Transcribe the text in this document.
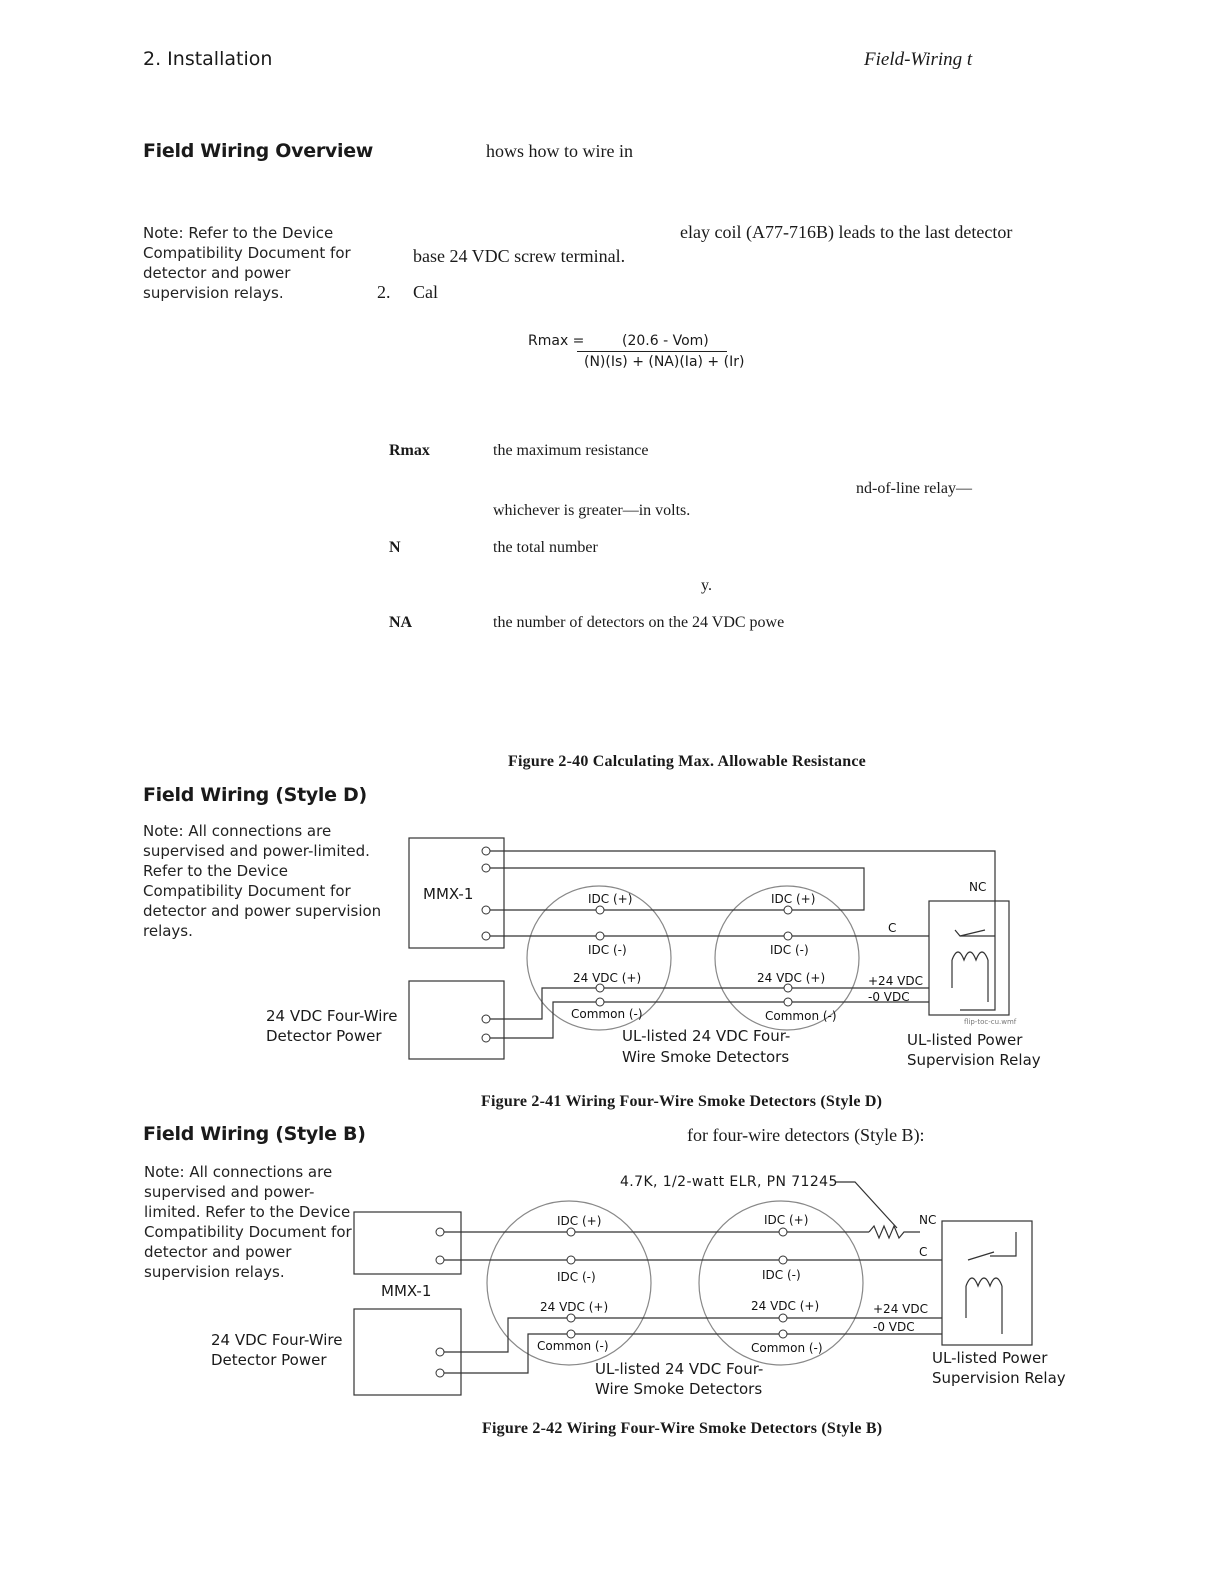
2. Installation	Field-Wiring t
Field Wiring Overview	hows how to wire in
Note: Refer to the Device Compatibility Document for detector and power supervision relays.
elay coil (A77-716B) leads to the last detector
base 24 VDC screw terminal.
2. Cal
Rmax =	(20.6 - Vom)
(N)(Is) + (NA)(Ia) + (Ir)
Rmax	the maximum resistance
nd-of-line relay—
whichever is greater—in volts.
N	the total number
y.
NA	the number of detectors on the 24 VDC powe
Figure 2-40 Calculating Max. Allowable Resistance
Field Wiring (Style D)
Note: All connections are supervised and power-limited. Refer to the Device Compatibility Document for detector and power supervision relays.
IDC (+)
IDC (-)
24 VDC (+)
Common (-)
IDC (+)
IDC (-)
24 VDC (+)
Common (-)
NC
C
+24 VDC
-0 VDC
flip-toc-cu.wmf
MMX-1
24 VDC Four-Wire
Detector Power	UL-listed 24 VDC Four-
Wire Smoke Detectors
UL-listed Power
Supervision Relay
Figure 2-41 Wiring Four-Wire Smoke Detectors (Style D)
Field Wiring (Style B)	for four-wire detectors (Style B):
Note: All connections are supervised and power-limited. Refer to the Device Compatibility Document for detector and power supervision relays.
IDC (+)
IDC (-)
24 VDC (+)
Common (-)
IDC (+)
IDC (-)
24 VDC (+)
Common (-)
NC
C
+24 VDC
-0 VDC
4.7K, 1/2-watt ELR, PN 71245
MMX-1
24 VDC Four-Wire
Detector Power	UL-listed 24 VDC Four-
Wire Smoke Detectors
UL-listed Power
Supervision Relay
Figure 2-42 Wiring Four-Wire Smoke Detectors (Style B)
